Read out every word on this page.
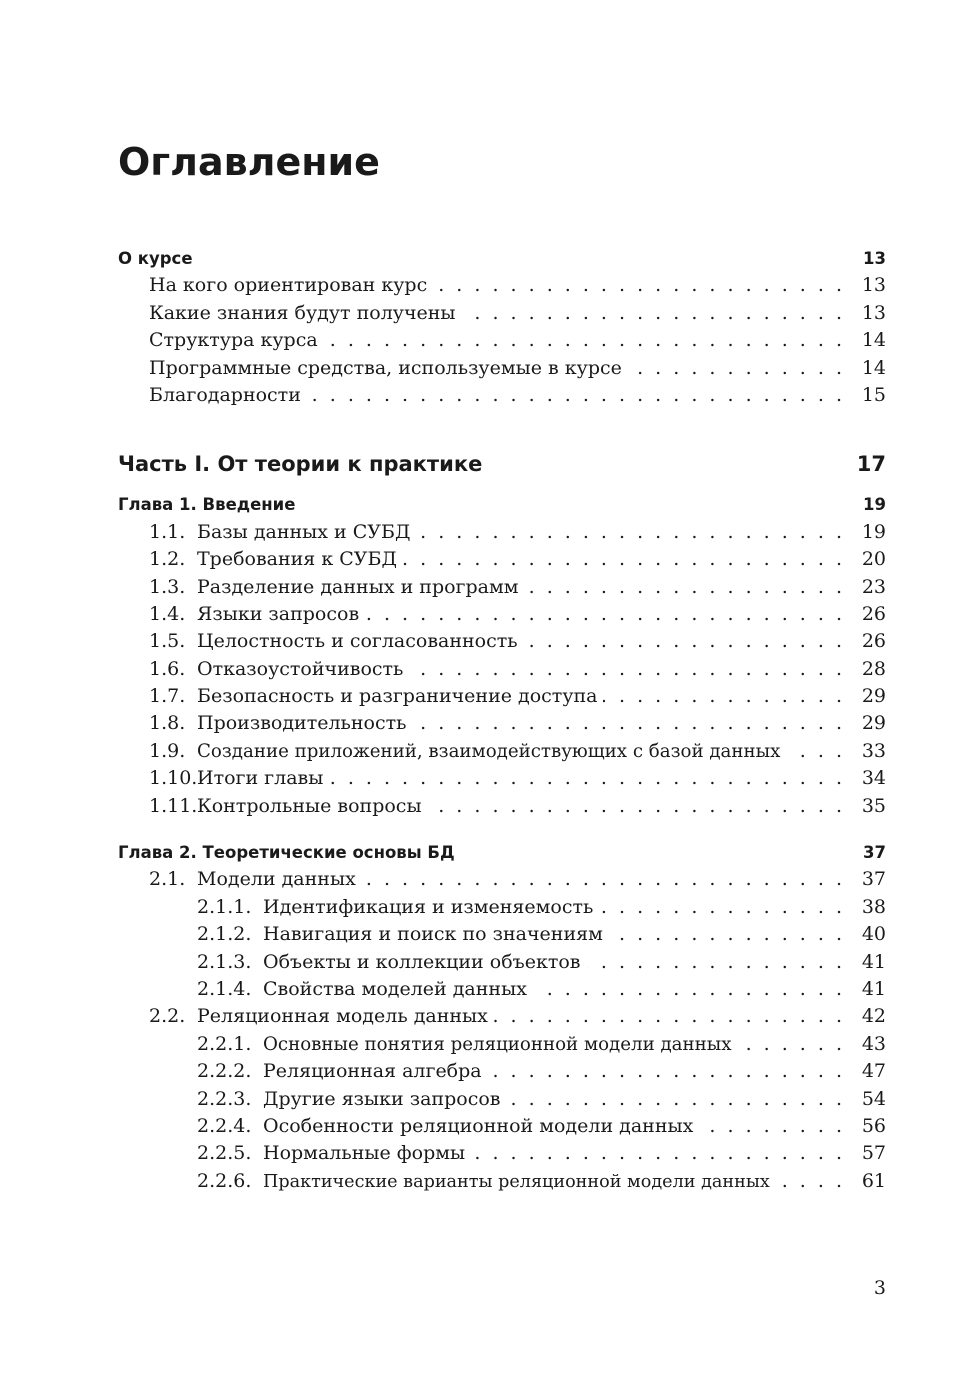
Оглавление
О курсе	13
На кого ориентирован курс . . .	13
Какие знания будут получены . . .	13
Структура курса . . .	14
Программные средства, используемые в курсе . . .	14
Благодарности . . .	15
Часть I. От теории к практике	17
Глава 1. Введение	19
1.1. Базы данных и СУБД . . .	19
1.2. Требования к СУБД . . .	20
1.3. Разделение данных и программ . . .	23
1.4. Языки запросов . . .	26
1.5. Целостность и согласованность . . .	26
1.6. Отказоустойчивость . . .	28
1.7. Безопасность и разграничение доступа . . .	29
1.8. Производительность . . .	29
1.9. Создание приложений, взаимодействующих с базой данных . . .	33
1.10. Итоги главы . . .	34
1.11. Контрольные вопросы . . .	35
Глава 2. Теоретические основы БД	37
2.1. Модели данных . . .	37
2.1.1. Идентификация и изменяемость . . .	38
2.1.2. Навигация и поиск по значениям . . .	40
2.1.3. Объекты и коллекции объектов . . .	41
2.1.4. Свойства моделей данных . . .	41
2.2. Реляционная модель данных . . .	42
2.2.1. Основные понятия реляционной модели данных . . .	43
2.2.2. Реляционная алгебра . . .	47
2.2.3. Другие языки запросов . . .	54
2.2.4. Особенности реляционной модели данных . . .	56
2.2.5. Нормальные формы . . .	57
2.2.6. Практические варианты реляционной модели данных . . .	61
3
